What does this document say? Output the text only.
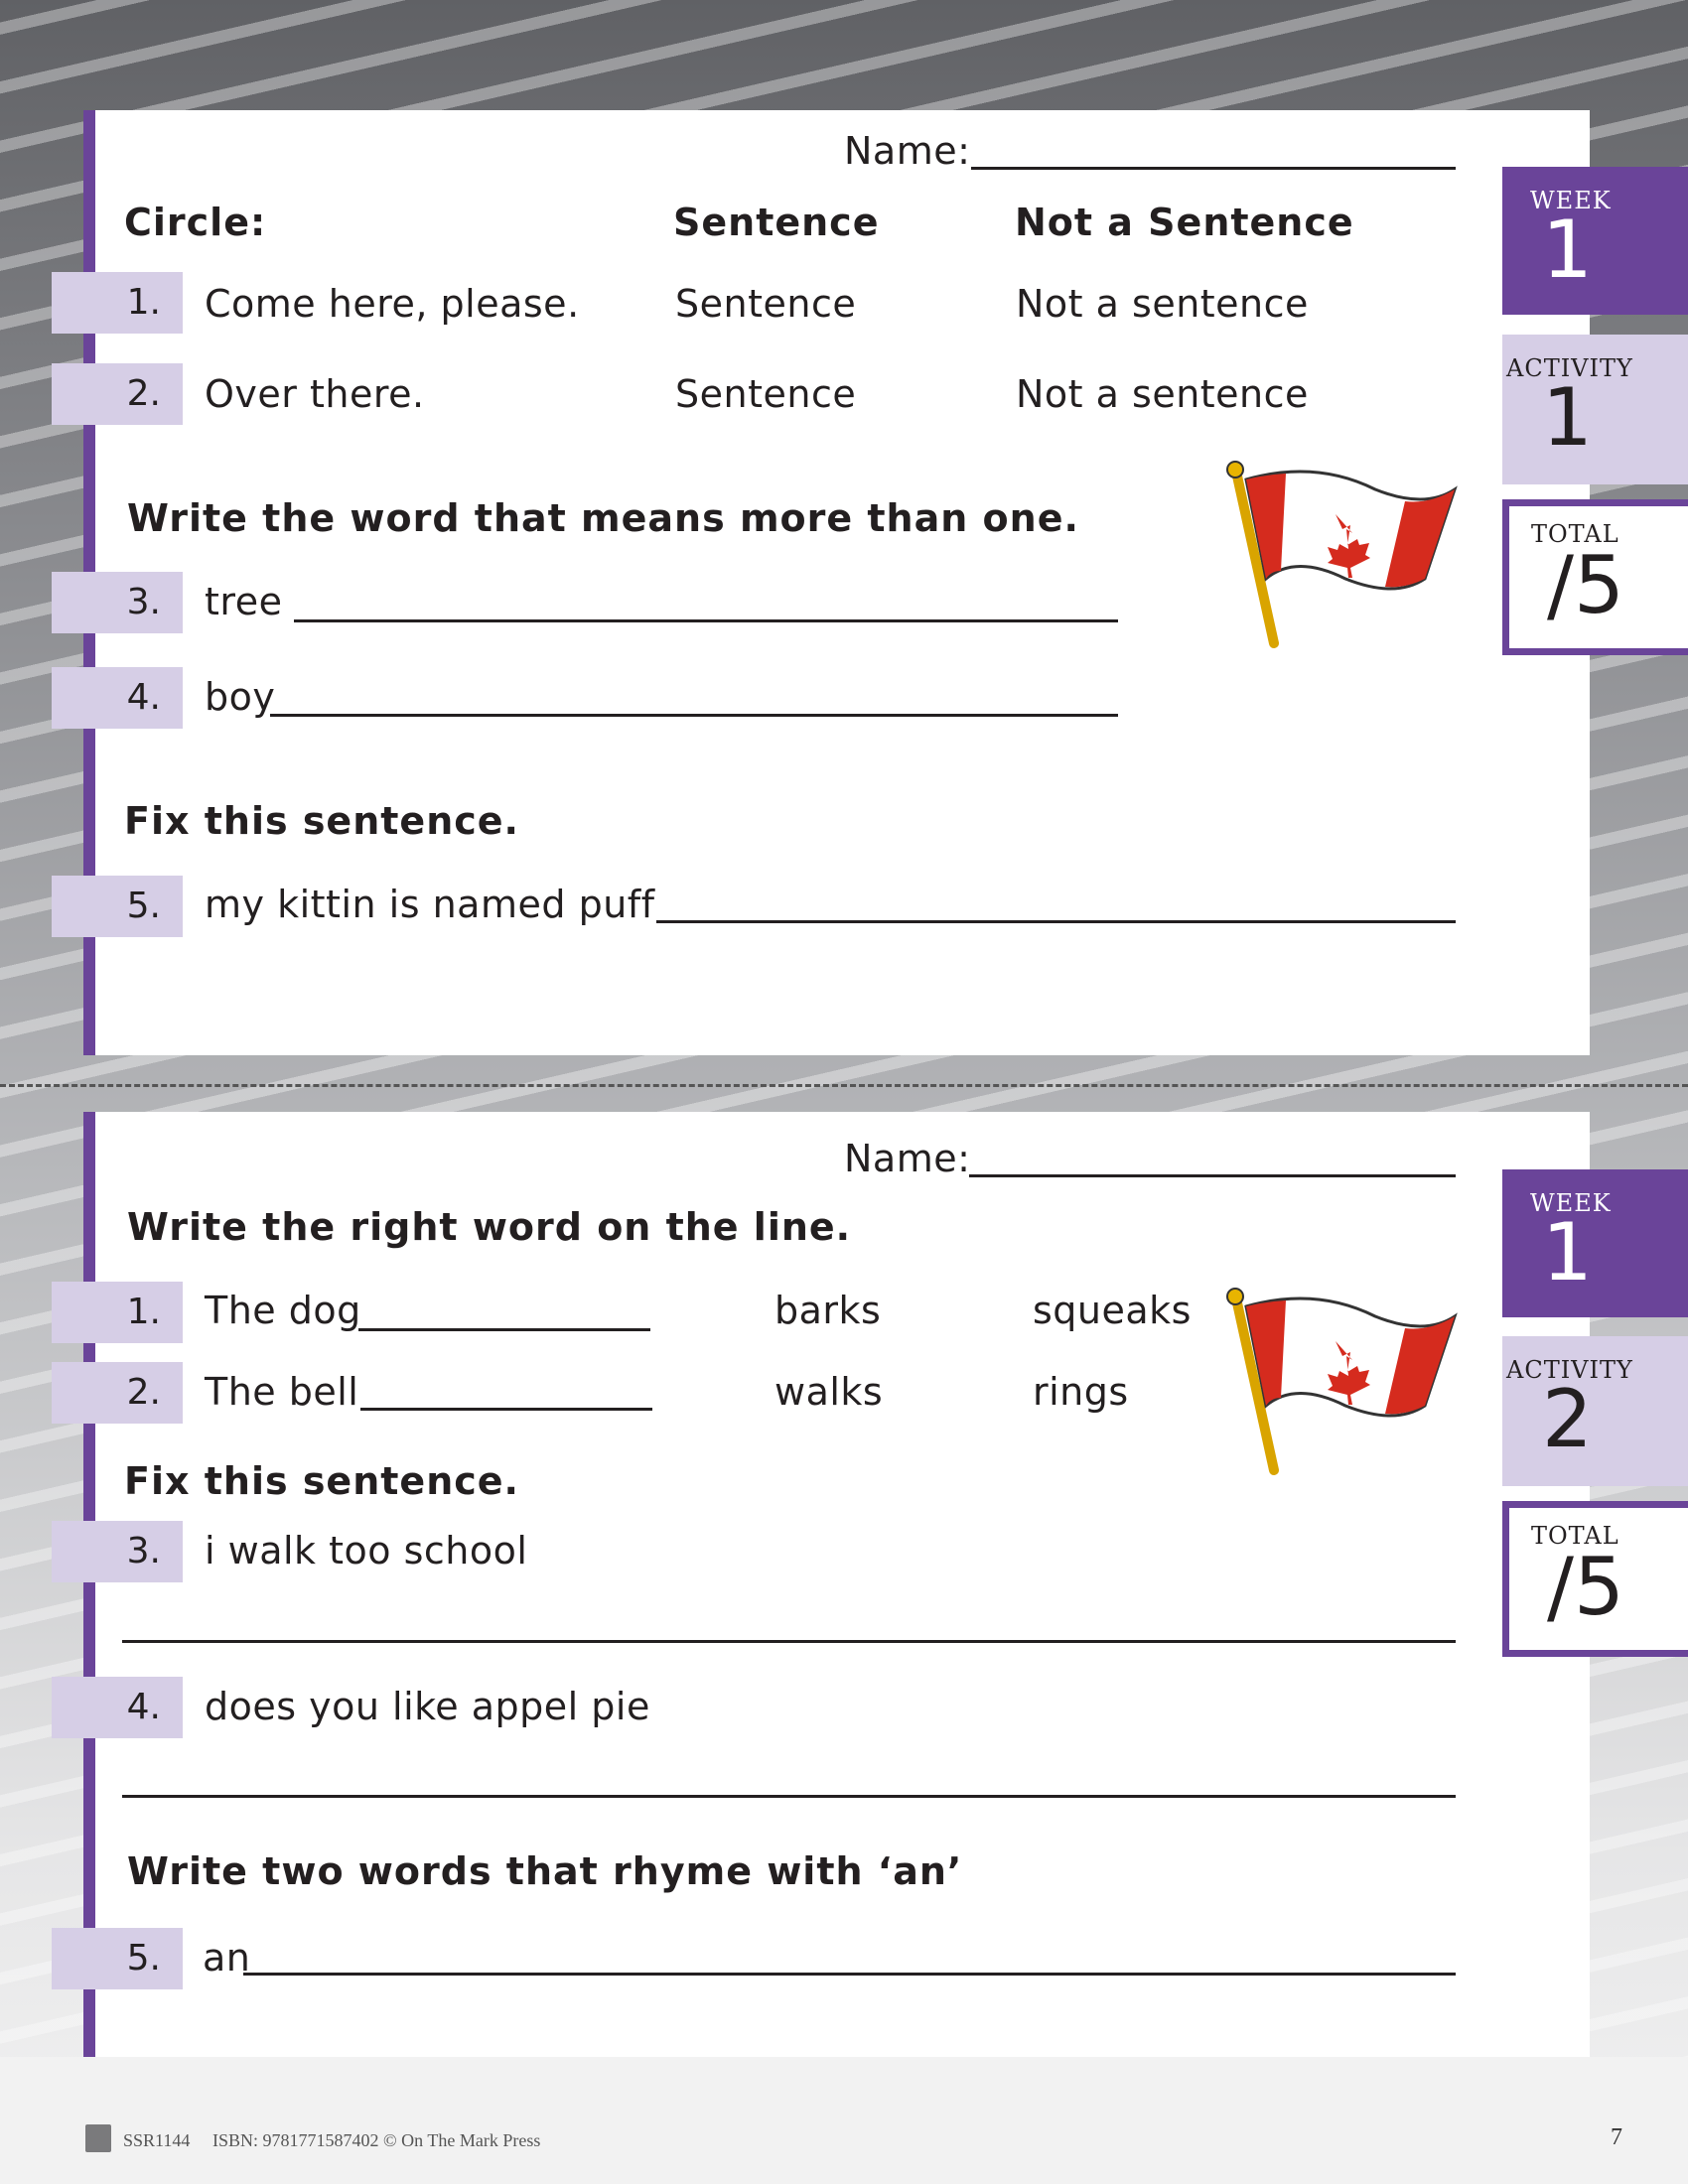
Name:
Circle:	Sentence	Not a Sentence
1.	Come here, please.	Sentence	Not a sentence
2.	Over there.	Sentence	Not a sentence
Write the word that means more than one.
3.	tree
4.	boy
Fix this sentence.
5.	my kittin is named puff
WEEK
1
ACTIVITY
1
TOTAL
/5
Name:
Write the right word on the line.
1.	The dog	barks	squeaks
2.	The bell	walks	rings
Fix this sentence.
3.	i walk too school
4.	does you like appel pie
Write two words that rhyme with ‘an’
5.	an
WEEK
1
ACTIVITY
2
TOTAL
/5
SSR1144 ISBN: 9781771587402 © On The Mark Press	7
